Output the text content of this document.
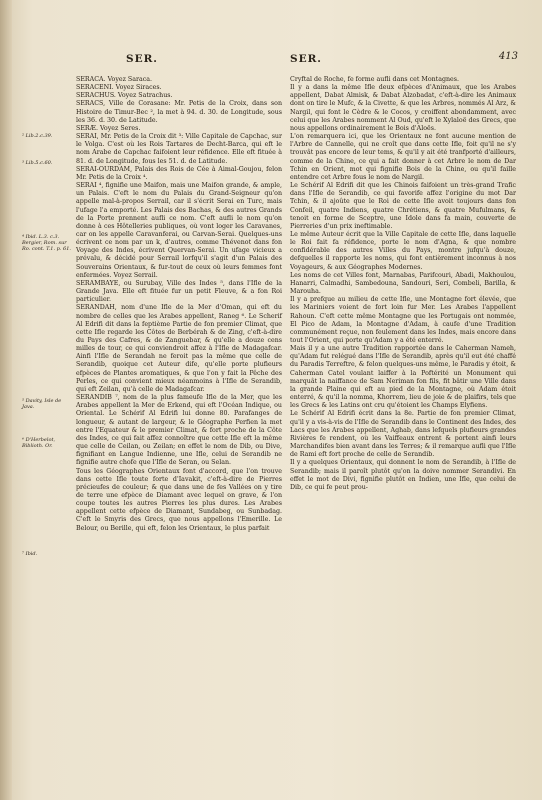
SER.	SER.	413
² Lib.2.c.39.
³ Lib.5.c.60.
⁴ Ibid. L.3. c.3. Bergier, Rom. sur Ro. cont. T.1. p. 61.
⁵ Davity, Isle de Java.
⁶ D'Herbelot, Biblioth. Or.
⁷ Ibid.

SERACA. Voyez Saraca.

SERACENI. Voyez Siraces.

SERACHUS. Voyez Satrachus.

SERACS, Ville de Corasane: Mr. Petis de la Croix, dans son Histoire de Timur-Bec ², la met à 94. d. 30. de Longitude, sous les 36. d. 30. de Latitude.

SERÆ. Voyez Seres.

SERAI, Mr. Petis de la Croix dit ³: Ville Capitale de Capchac, sur le Volga. C'est où les Rois Tartares de Decht-Barca, qui eft le nom Arabe de Capchac faifoient leur réfidence. Elle eft fituée à 81. d. de Longitude, fous les 51. d. de Latitude.

SERAI-OURDAM, Palais des Rois de Cée à Aimal-Goujou, felon Mr. Petis de la Croix ⁴.

SERAI ⁴, fignifie une Maifon, mais une Maifon grande, & ample, un Palais. C'eft le nom du Palais du Grand-Seigneur qu'on appelle mal-à-propos Serrail, car il s'écrit Serai en Turc, mais l'ufage l'a emporté. Les Palais des Bachas, & des autres Grands de la Porte prennent aufli ce nom. C'eft aufli le nom qu'on donne à ces Hôtelleries publiques, où vont loger les Caravanes, car on les appelle Caravanferai, ou Carvan-Serai. Quelques-uns écrivent ce nom par un k, d'autres, comme Thévenot dans fon Voyage des Indes, écrivent Quervan-Serai. Un ufage vicieux a prévalu, & décidé pour Serrail lorfqu'il s'agit d'un Palais des Souverains Orientaux, & fur-tout de ceux où leurs femmes font enfermées. Voyez Serrail.

SERAMBAYE, ou Surubay, Ville des Indes ⁵, dans l'Ifle de la Grande Java. Elle eft fituée fur un petit Fleuve, & a fon Roi particulier.

SERANDAH, nom d'une Ifle de la Mer d'Oman, qui eft du nombre de celles que les Arabes appellent, Raneg ⁶. Le Scherif Al Edrifi dit dans la feptième Partie de fon premier Climat, que cette Ifle regarde les Côtes de Berbérah & de Zing, c'eft-à-dire du Pays des Cafres, & de Zanguebar, & qu'elle a douze cens milles de tour, ce qui conviendroit affez à l'Ifle de Madagafcar. Ainfi l'Ifle de Serandah ne feroit pas la même que celle de Serandib, quoique cet Auteur dife, qu'elle porte plufieurs efpèces de Plantes aromatiques, & que l'on y fait la Pêche des Perles, ce qui convient mieux néanmoins à l'Ifle de Serandib, qui eft Zeilan, qu'à celle de Madagafcar.

SERANDIB ⁷, nom de la plus fameufe Ifle de la Mer, que les Arabes appellent la Mer de Erkend, qui eft l'Océan Indique, ou Oriental. Le Schérif Al Edrifi lui donne 80. Parafanges de longueur, & autant de largeur, & le Géographe Perfien la met entre l'Equateur & le premier Climat, & fort proche de la Côte des Indes, ce qui fait affez connoître que cette Ifle eft la même que celle de Ceilan, ou Zeilan; en effet le nom de Dib, ou Dive, fignifiant en Langue Indienne, une Ifle, celui de Serandib ne fignifie autre chofe que l'Ifle de Seran, ou Selan.

Tous les Géographes Orientaux font d'accord, que l'on trouve dans cette Ifle toute forte d'Iavakit, c'eft-à-dire de Pierres précieufes de couleur; & que dans une de fes Vallées on y tire de terre une efpèce de Diamant avec lequel on grave, & l'on coupe toutes les autres Pierres les plus dures. Les Arabes appellent cette efpèce de Diamant, Sundabeg, ou Sunbadag. C'eft le Smyris des Grecs, que nous appellons l'Emerille. Le Belour, ou Berille, qui eft, felon les Orientaux, le plus parfait

Cryftal de Roche, fe forme aufli dans cet Montagnes.

Il y a dans la même Ifle deux efpèces d'Animaux, que les Arabes appellent, Dabat Almisk, & Dabat Alzobadat, c'eft-à-dire les Animaux dont on tire le Mufc, & la Civette, & que les Arbres, nommés Al Arz, & Nargil, qui font le Cèdre & le Cocos, y croiffent abondamment, avec celui que les Arabes nomment Al Oud, qu'eft le Xylaloë des Grecs, que nous appellons ordinairement le Bois d'Aloës.

L'on remarquera ici, que les Orientaux ne font aucune mention de l'Arbre de Cannelle, qui ne croît que dans cette Ifle, foit qu'il ne s'y trouvât pas encore de leur tems, & qu'il y ait été tranfporté d'ailleurs, comme de la Chine, ce qui a fait donner à cet Arbre le nom de Dar Tchin en Orient, mot qui fignifie Bois de la Chine, ou qu'il faille entendre cet Arbre fous le nom de Nargil.

Le Schérif Al Edrifi dit que les Chinois faifoient un très-grand Trafic dans l'Ifle de Serandib, ce qui favorife affez l'origine du mot Dar Tchin, & il ajoûte que le Roi de cette Ifle avoit toujours dans fon Confeil, quatre Indiens, quatre Chrétiens, & quatre Mufulmans, & tenoit en forme de Sceptre, une Idole dans fa main, couverte de Pierreries d'un prix ineftimable.

Le même Auteur écrit que la Ville Capitale de cette Ifle, dans laquelle le Roi fait fa réfidence, porte le nom d'Agna, & que nombre confidérable des autres Villes du Pays, montre jufqu'à douze, defquelles il rapporte les noms, qui font entièrement inconnus à nos Voyageurs, & aux Géographes Modernes.

Les noms de cet Villes font, Marnabas, Parifcouri, Abadi, Makhoulou, Hanarri, Calmadhi, Sambedouna, Sandouri, Seri, Combeli, Barilla, & Marouha.

Il y a prefque au milieu de cette Ifle, une Montagne fort élevée, que les Mariniers voient de fort loin fur Mer. Les Arabes l'appellent Rahoun. C'eft cette même Montagne que les Portugais ont nommée, El Pico de Adam, la Montagne d'Adam, à caufe d'une Tradition communément reçue, non feulement dans les Indes, mais encore dans tout l'Orient, qui porte qu'Adam y a été enterré.

Mais il y a une autre Tradition rapportée dans le Caherman Nameh, qu'Adam fut relégué dans l'Ifle de Serandib, après qu'il eut été chaffé du Paradis Terreftre, & felon quelques-uns même, le Paradis y étoit, & Caherman Catel voulant laiffer à la Poftérité un Monument qui marquât la naiffance de Sam Neriman fon fils, fit bâtir une Ville dans la grande Plaine qui eft au pied de la Montagne, où Adam étoit enterré, & qu'il la nomma, Khorrem, lieu de joie & de plaifirs, tels que les Grecs & les Latins ont cru qu'étoient les Champs Elyfiens.

Le Schérif Al Edrifi écrit dans la 8e. Partie de fon premier Climat, qu'il y a vis-à-vis de l'Ifle de Serandib dans le Continent des Indes, des Lacs que les Arabes appellent, Aghab, dans lefquels plufieurs grandes Rivières fe rendent, où les Vaiffeaux entrent & portent ainfi leurs Marchandifes bien avant dans les Terres; & il remarque aufli que l'Ifle de Rami eft fort proche de celle de Serandib.

Il y a quelques Orientaux, qui donnent le nom de Serandib, à l'Ifle de Serandib; mais il paroît plutôt qu'on la doive nommer Serandivi. En effet le mot de Divi, fignifie plutôt en Indien, une Ifle, que celui de Dib, ce qui fe peut prou-
